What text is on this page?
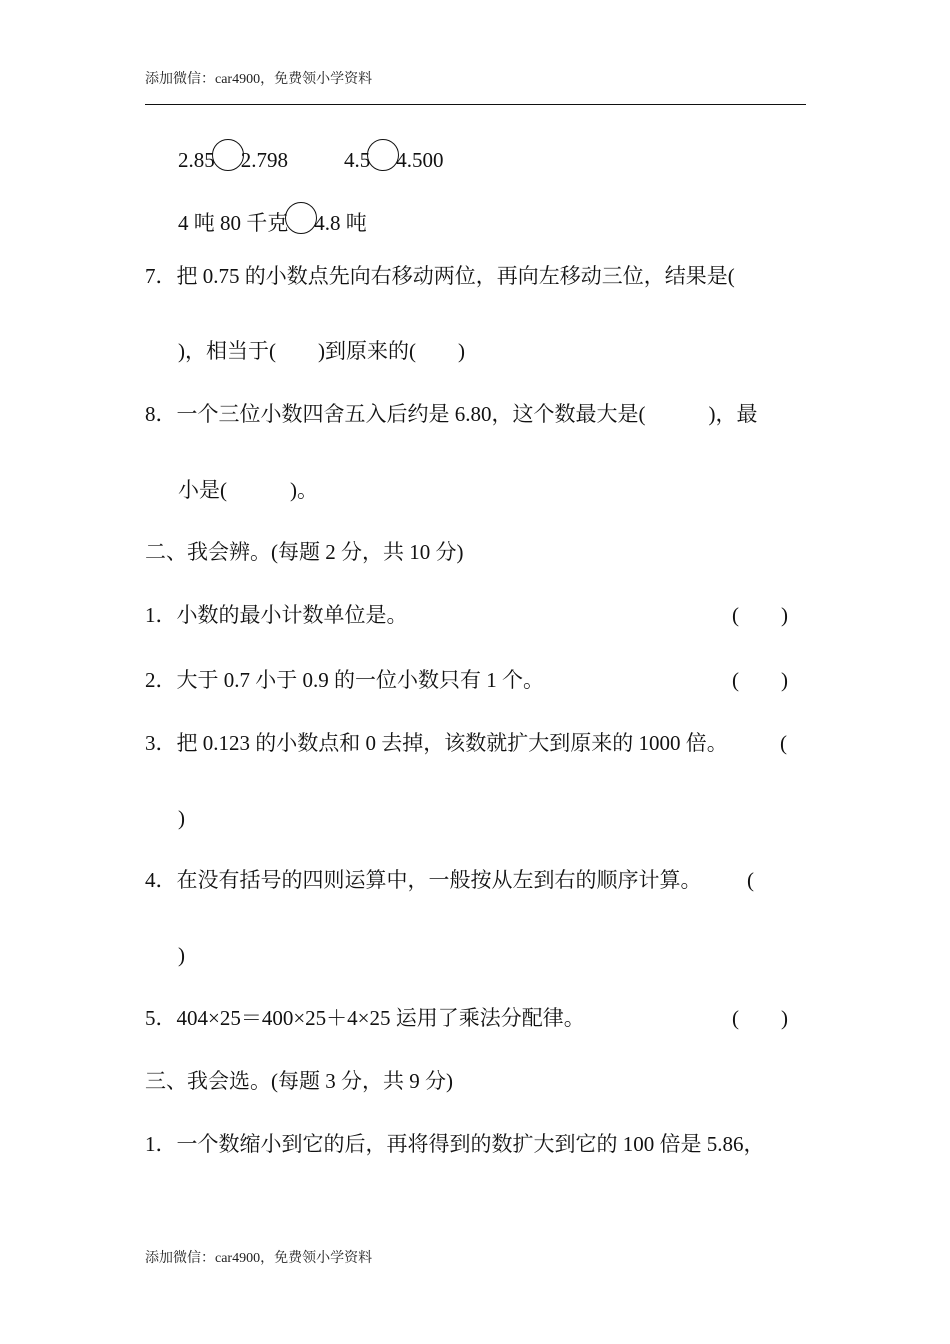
添加微信：car4900，免费领小学资料
2.85 2.798	4.5 4.500
4 吨 80 千克 4.8 吨
7．把 0.75 的小数点先向右移动两位，再向左移动三位，结果是(
)，相当于(        )到原来的(        )
8．一个三位小数四舍五入后约是 6.80，这个数最大是(            )，最
小是(            )。
二、我会辨。(每题 2 分，共 10 分)
1．小数的最小计数单位是。	(        )
2．大于 0.7 小于 0.9 的一位小数只有 1 个。	(        )
3．把 0.123 的小数点和 0 去掉，该数就扩大到原来的 1000 倍。 (
)
4．在没有括号的四则运算中，一般按从左到右的顺序计算。 (
)
5．404×25＝400×25＋4×25 运用了乘法分配律。	(        )
三、我会选。(每题 3 分，共 9 分)
1．一个数缩小到它的后，再将得到的数扩大到它的 100 倍是 5.86，
添加微信：car4900，免费领小学资料
